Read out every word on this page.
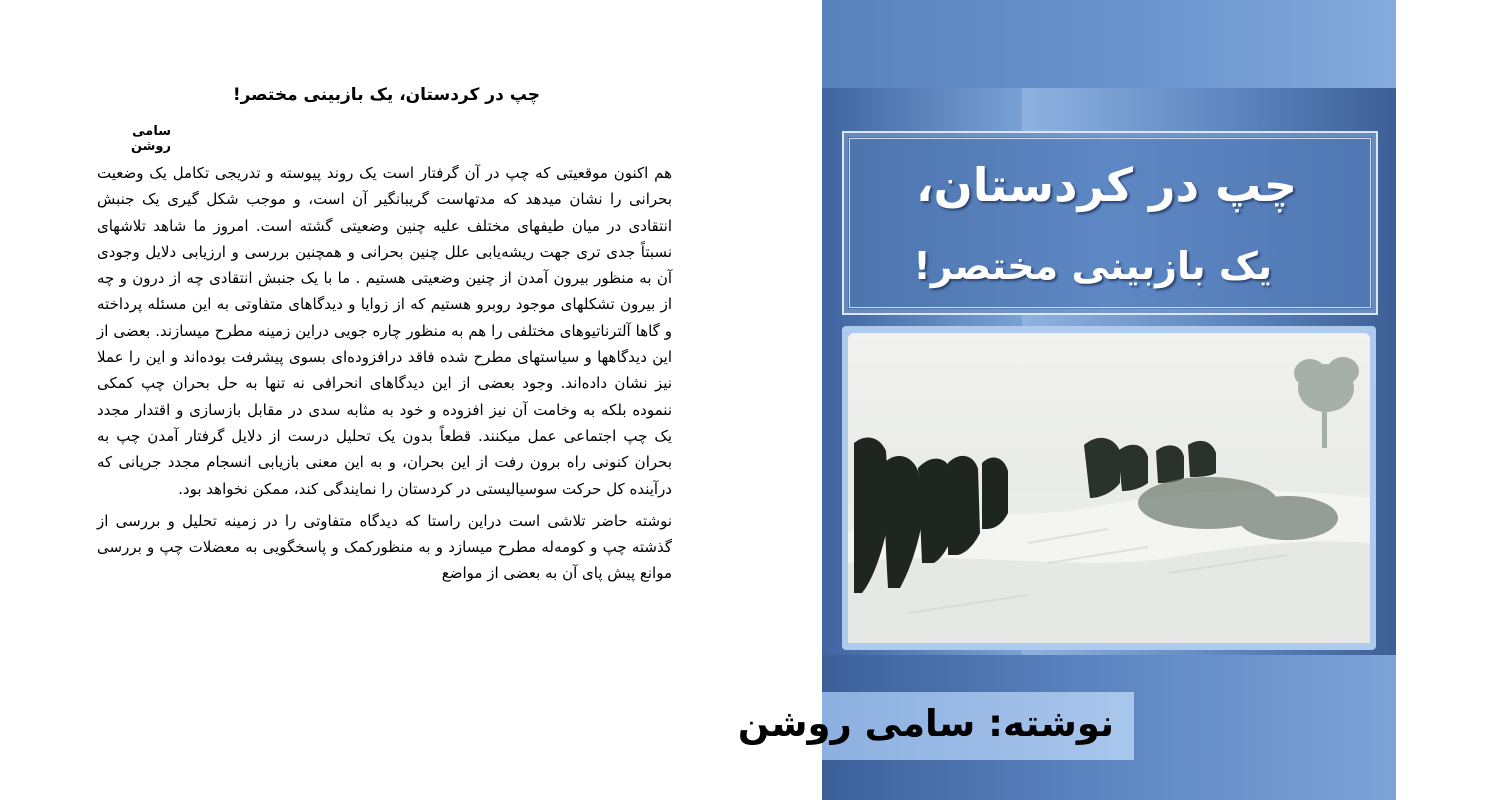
چپ در کردستان، یک بازبینی مختصر!
سامی روشن

هم اکنون موقعیتی که چپ در آن گرفتار است یک روند پیوسته و تدریجی تکامل یک وضعیت بحرانی را نشان میدهد که مدتهاست گریبانگیر آن است، و موجب شکل گیری یک جنبش انتقادی در میان طیفهای مختلف علیه چنین وضعیتی گشته است. امروز ما شاهد تلاشهای نسبتاً جدی تری جهت ریشه‌یابی علل چنین بحرانی و همچنین بررسی و ارزیابی دلایل وجودی آن به منظور بیرون آمدن از چنین وضعیتی هستیم . ما با یک جنبش انتقادی چه از درون و چه از بیرون تشکلهای موجود روبرو هستیم که از زوایا و دیدگاهای متفاوتی به این مسئله پرداخته و گاها آلترناتیوهای مختلفی را هم به منظور چاره جویی دراین زمینه مطرح میسازند. بعضی از این دیدگاهها و سیاستهای مطرح شده فاقد درافزوده‌ای بسوی پیشرفت بوده‌اند و این را عملا نیز نشان داده‌اند. وجود بعضی از این دیدگاهای انحرافی نه تنها به حل بحران چپ کمکی ننموده بلکه به وخامت آن نیز افزوده و خود به مثابه سدی در مقابل بازسازی و اقتدار مجدد یک چپ اجتماعی عمل میکنند. قطعاً بدون یک تحلیل درست از دلایل گرفتار آمدن چپ به بحران کنونی راه برون رفت از این بحران، و به این معنی بازیابی انسجام مجدد جریانی که درآینده کل حرکت سوسیالیستی در کردستان را نمایندگی کند، ممکن نخواهد بود.

نوشته حاضر تلاشی است دراین راستا که دیدگاه متفاوتی را در زمینه تحلیل و بررسی از گذشته چپ و کومه‌له مطرح میسازد و به منظورکمک و پاسخگویی به معضلات چپ و بررسی موانع پیش پای آن به بعضی از مواضع

چپ در کردستان،
یک بازبینی مختصر!
نوشته: سامی روشن
